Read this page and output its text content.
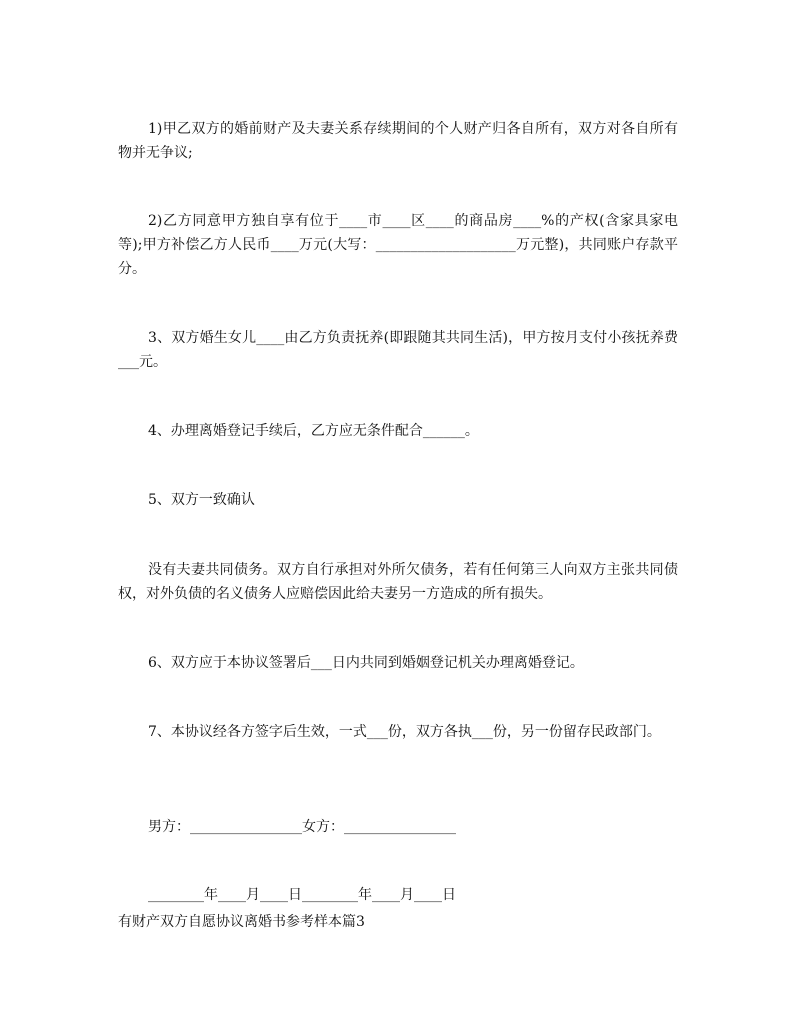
1)甲乙双方的婚前财产及夫妻关系存续期间的个人财产归各自所有，双方对各自所有物并无争议;

2)乙方同意甲方独自享有位于____市____区____的商品房____%的产权(含家具家电等);甲方补偿乙方人民币____万元(大写：____________________万元整)，共同账户存款平分。

3、双方婚生女儿____由乙方负责抚养(即跟随其共同生活)，甲方按月支付小孩抚养费___元。

4、办理离婚登记手续后，乙方应无条件配合______。

5、双方一致确认

没有夫妻共同债务。双方自行承担对外所欠债务，若有任何第三人向双方主张共同债权，对外负债的名义债务人应赔偿因此给夫妻另一方造成的所有损失。

6、双方应于本协议签署后___日内共同到婚姻登记机关办理离婚登记。

7、本协议经各方签字后生效，一式___份，双方各执___份，另一份留存民政部门。

男方：________________女方：________________

________年____月____日________年____月____日

有财产双方自愿协议离婚书参考样本篇3
